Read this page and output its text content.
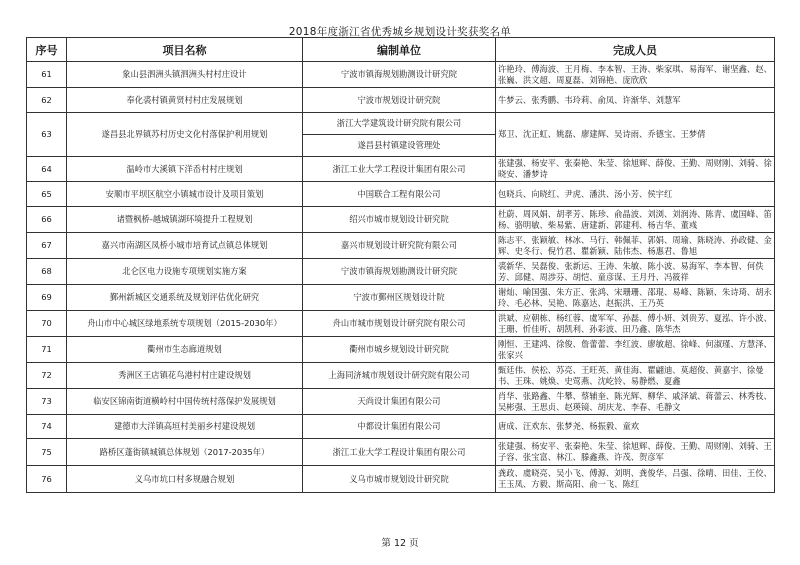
2018年度浙江省优秀城乡规划设计奖获奖名单
序号	项目名称	编制单位	完成人员
61	象山县泗洲头镇泗洲头村村庄设计	宁波市镇海规划勘测设计研究院	许艳玲、傅海波、王月梅、李本智、王涛、柴家琪、易海军、谢坚鑫、赵、张巍、洪文超、周夏磊、刘锦艳、庞欣欣
62	奉化裘村镇黄贤村村庄发展规划	宁波市规划设计研究院	牛梦云、张秀鹏、韦玲莉、俞凤、许渐华、刘慧军
63	遂昌县北界镇苏村历史文化村落保护利用规划	浙江大学建筑设计研究院有限公司	郑卫、沈正虹、姚磊、廖建辉、吴诗雨、乔德宝、王梦倩
		遂昌县村镇建设管理处	
64	温岭市大溪镇下洋岙村村庄规划	浙江工业大学工程设计集团有限公司	张建强、杨安平、张秦艳、朱莹、徐旭辉、薛俊、王勤、周财刚、刘骑、徐晓安、潘梦诗
65	安顺市平坝区航空小镇城市设计及项目策划	中国联合工程有限公司	包晓兵、向晓红、尹虎、潘洪、汤小芳、侯宇红
66	诸暨枫桥-越城镇湖环境提升工程规划	绍兴市城市规划设计研究院	杜蔚、周风娟、胡孝芳、陈珍、俞晶波、刘浏、刘润涛、陈青、虞国峰、笛杨、骆明敏、柴易紫、唐建新、郭建利、杨吉华、董彧
67	嘉兴市南湖区凤桥小城市培育试点镇总体规划	嘉兴市规划设计研究院有限公司	陈志平、张颖敏、林冰、马行、韩佩菲、郭娟、周瑜、陈晓涛、孙政健、金辉、史冬行、倪竹君、瞿新颖、陆伟杰、杨惠君、鲁旭
68	北仑区电力设施专项规划实施方案	宁波市镇海规划勘测设计研究院	裘新华、吴磊俊、张新运、王涛、朱敏、陈小波、易海军、李本智、何佚芳、邱健、周涉芬、胡恺、童彦谋、王月丹、冯筱祥
69	鄞州新城区交通系统及规划评估优化研究	宁波市鄞州区规划设计院	谢灿、喻国强、朱方正、张鸿、宋珊珊、邵琨、易峰、陈颖、朱诗琦、胡永玲、毛必林、吴艳、陈嘉达、赵振洪、王乃英
70	舟山市中心城区绿地系统专项规划（2015-2030年）	舟山市城市规划设计研究院有限公司	洪斌、应朝栋、杨红蓉、虞军军、孙磊、傅小妍、刘贵芳、夏泓、许小波、王珊、忻佳听、胡凯利、孙彩波、田乃鑫、陈华杰
71	衢州市生态廊道规划	衢州市城乡规划设计研究院	刚恒、王建鸿、徐俊、詹蕾蕾、李红波、廖敏超、徐峰、何淑瑾、方慧泽、张家兴
72	秀洲区王店镇花鸟港村村庄建设规划	上海同济城市规划设计研究院有限公司	甄廷伟、侯松、苏亮、王旺英、黄佳海、瞿翩迪、莫超俊、黄嘉宇、徐曼书、王珠、姚焕、史莺燕、沈屹铃、易静燃、夏鑫
73	临安区锦南街道横岭村中国传统村落保护发展规划	天尚设计集团有限公司	肖华、张路鑫、牛攀、蔡辅奎、陈光辉、柳华、戚泽斌、蒋蕾云、林秀枝、吴彬强、王思贞、赵瑛镜、胡庆龙、李春、毛静文
74	建德市大洋镇高垣村美丽乡村建设规划	中都设计集团有限公司	唐成、汪欢东、张梦尧、杨振毅、童欢
75	路桥区蓬街镇城镇总体规划（2017-2035年）	浙江工业大学工程设计集团有限公司	张建强、杨安平、张秦艳、朱莹、徐旭辉、薛俊、王勤、周财刚、刘骑、王子容、张宝富、林江、滕鑫燕、许茂、贺彦军
76	义乌市坑口村多规融合规划	义乌市城市规划设计研究院	龚政、虞晓亮、吴小飞、傅源、刘明、龚俊华、吕强、徐晴、田佳、王佼、王玉凤、方毅、斯高阳、俞一飞、陈红
第 12 页
